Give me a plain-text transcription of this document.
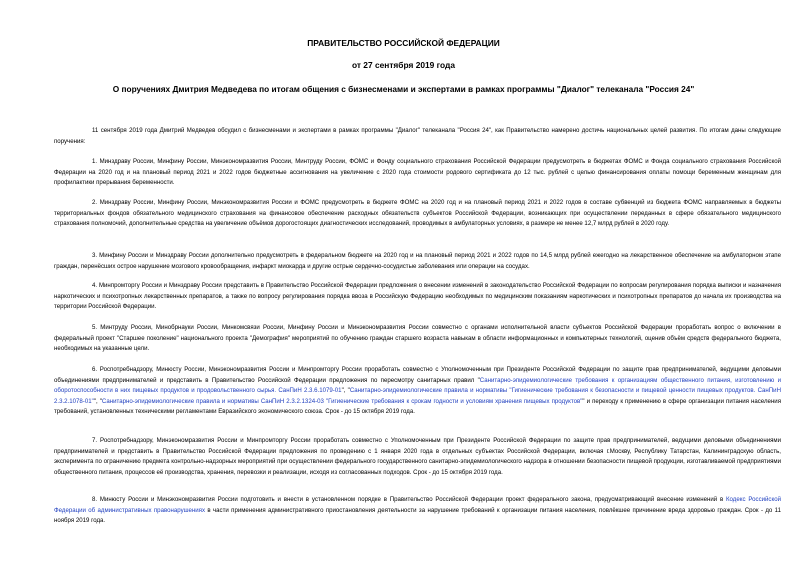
ПРАВИТЕЛЬСТВО РОССИЙСКОЙ ФЕДЕРАЦИИ
от 27 сентября 2019 года
О поручениях Дмитрия Медведева по итогам общения с бизнесменами и экспертами в рамках программы "Диалог" телеканала "Россия 24"
11 сентября 2019 года Дмитрий Медведев обсудил с бизнесменами и экспертами в рамках программы "Диалог" телеканала "Россия 24", как Правительство намерено достичь национальных целей развития. По итогам даны следующие поручения:
1. Минздраву России, Минфину России, Минэкономразвития России, Минтруду России, ФОМС и Фонду социального страхования Российской Федерации предусмотреть в бюджетах ФОМС и Фонда социального страхования Российской Федерации на 2020 год и на плановый период 2021 и 2022 годов бюджетные ассигнования на увеличение с 2020 года стоимости родового сертификата до 12 тыс. рублей с целью финансирования оплаты помощи беременным женщинам для профилактики прерывания беременности.
2. Минздраву России, Минфину России, Минэкономразвития России и ФОМС предусмотреть в бюджете ФОМС на 2020 год и на плановый период 2021 и 2022 годов в составе субвенций из бюджета ФОМС направляемых в бюджеты территориальных фондов обязательного медицинского страхования на финансовое обеспечение расходных обязательств субъектов Российской Федерации, возникающих при осуществлении переданных в сфере обязательного медицинского страхования полномочий, дополнительные средства на увеличение объёмов дорогостоящих диагностических исследований, проводимых в амбулаторных условиях, в размере не менее 12,7 млрд рублей в 2020 году.
3. Минфину России и Минздраву России дополнительно предусмотреть в федеральном бюджете на 2020 год и на плановый период 2021 и 2022 годов по 14,5 млрд рублей ежегодно на лекарственное обеспечение на амбулаторном этапе граждан, перенёсших острое нарушение мозгового кровообращения, инфаркт миокарда и другие острые сердечно-сосудистые заболевания или операции на сосудах.
4. Минпромторгу России и Минздраву России представить в Правительство Российской Федерации предложения о внесении изменений в законодательство Российской Федерации по вопросам регулирования порядка выписки и назначения наркотических и психотропных лекарственных препаратов, а также по вопросу регулирования порядка ввоза в Российскую Федерацию необходимых по медицинским показаниям наркотических и психотропных препаратов до начала их производства на территории Российской Федерации.
5. Минтруду России, Минобрнауки России, Минкомсвязи России, Минфину России и Минэкономразвития России совместно с органами исполнительной власти субъектов Российской Федерации проработать вопрос о включении в федеральный проект "Старшее поколение" национального проекта "Демография" мероприятий по обучению граждан старшего возраста навыкам в области информационных и компьютерных технологий, оценив объём средств федерального бюджета, необходимых на указанные цели.
6. Роспотребнадзору, Минюсту России, Минэкономразвития России и Минпромторгу России проработать совместно с Уполномоченным при Президенте Российской Федерации по защите прав предпринимателей, ведущими деловыми объединениями предпринимателей и представить в Правительство Российской Федерации предложения по пересмотру санитарных правил "Санитарно-эпидемиологические требования к организациям общественного питания, изготовлению и оборотоспособности в них пищевых продуктов и продовольственного сырья. СанПиН 2.3.6.1079-01", "Санитарно-эпидемиологические правила и нормативы "Гигиенические требования к безопасности и пищевой ценности пищевых продуктов. СанПиН 2.3.2.1078-01"", "Санитарно-эпидемиологические правила и нормативы СанПиН 2.3.2.1324-03 "Гигиенические требования к срокам годности и условиям хранения пищевых продуктов"" и переходу к применению в сфере организации питания населения требований, установленных техническими регламентами Евразийского экономического союза. Срок - до 15 октября 2019 года.
7. Роспотребнадзору, Минэкономразвития России и Минпромторгу России проработать совместно с Уполномоченным при Президенте Российской Федерации по защите прав предпринимателей, ведущими деловыми объединениями предпринимателей и представить в Правительство Российской Федерации предложения по проведению с 1 января 2020 года в отдельных субъектах Российской Федерации, включая г.Москву, Республику Татарстан, Калининградскую область, эксперимента по ограничению предмета контрольно-надзорных мероприятий при осуществлении федерального государственного санитарно-эпидемиологического надзора в отношении безопасности пищевой продукции, изготавливаемой предприятиями общественного питания, процессов её производства, хранения, перевозки и реализации, исходя из согласованных подходов. Срок - до 15 октября 2019 года.
8. Минюсту России и Минэкономразвития России подготовить и внести в установленном порядке в Правительство Российской Федерации проект федерального закона, предусматривающий внесение изменений в Кодекс Российской Федерации об административных правонарушениях в части применения административного приостановления деятельности за нарушение требований к организации питания населения, повлёкшее причинение вреда здоровью граждан. Срок - до 11 ноября 2019 года.
